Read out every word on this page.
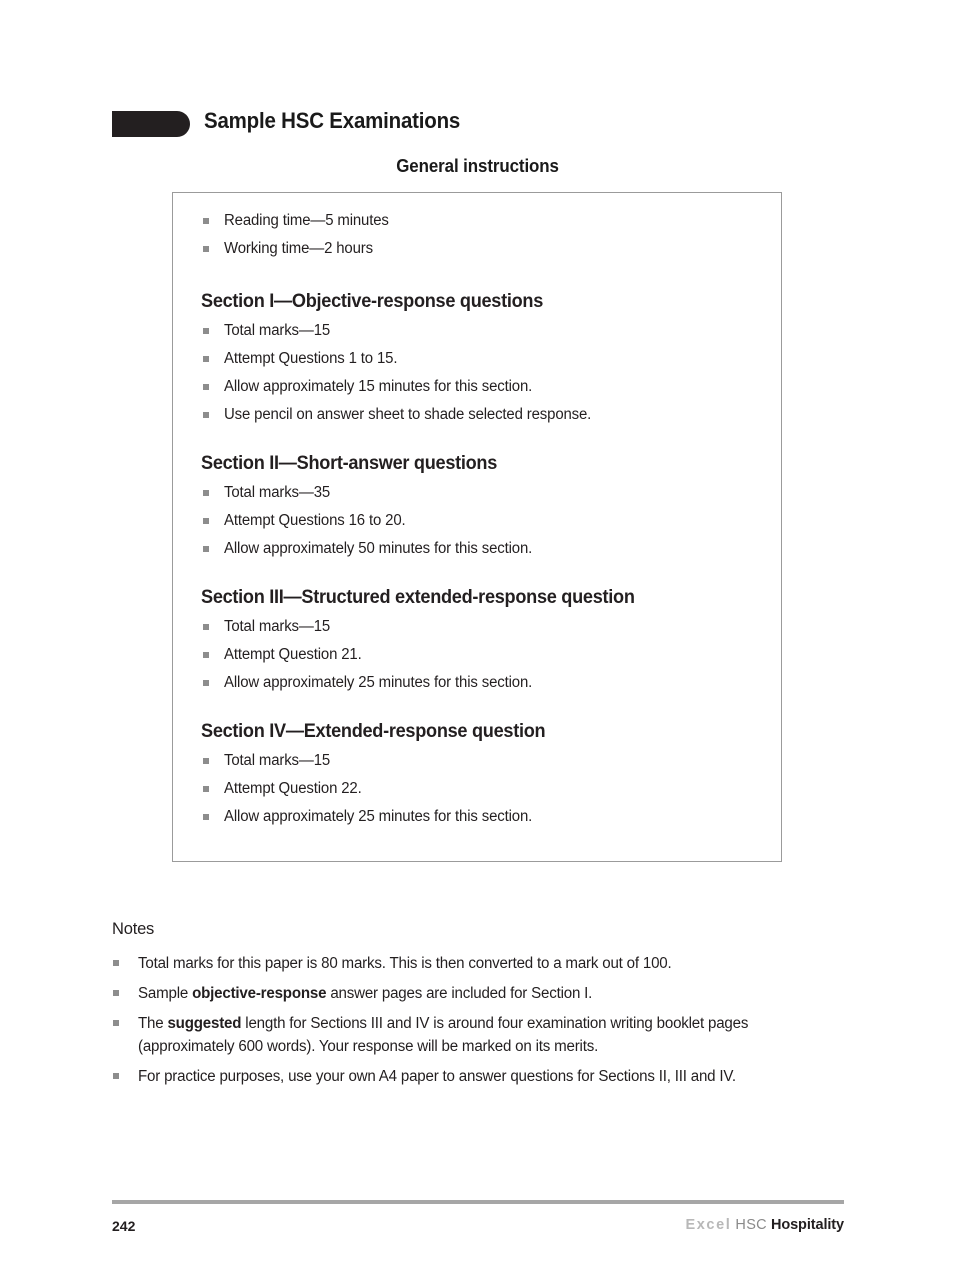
Sample HSC Examinations
General instructions
Reading time—5 minutes
Working time—2 hours
Section I—Objective-response questions
Total marks—15
Attempt Questions 1 to 15.
Allow approximately 15 minutes for this section.
Use pencil on answer sheet to shade selected response.
Section II—Short-answer questions
Total marks—35
Attempt Questions 16 to 20.
Allow approximately 50 minutes for this section.
Section III—Structured extended-response question
Total marks—15
Attempt Question 21.
Allow approximately 25 minutes for this section.
Section IV—Extended-response question
Total marks—15
Attempt Question 22.
Allow approximately 25 minutes for this section.
Notes
Total marks for this paper is 80 marks. This is then converted to a mark out of 100.
Sample objective-response answer pages are included for Section I.
The suggested length for Sections III and IV is around four examination writing booklet pages (approximately 600 words). Your response will be marked on its merits.
For practice purposes, use your own A4 paper to answer questions for Sections II, III and IV.
242	Excel HSC Hospitality
